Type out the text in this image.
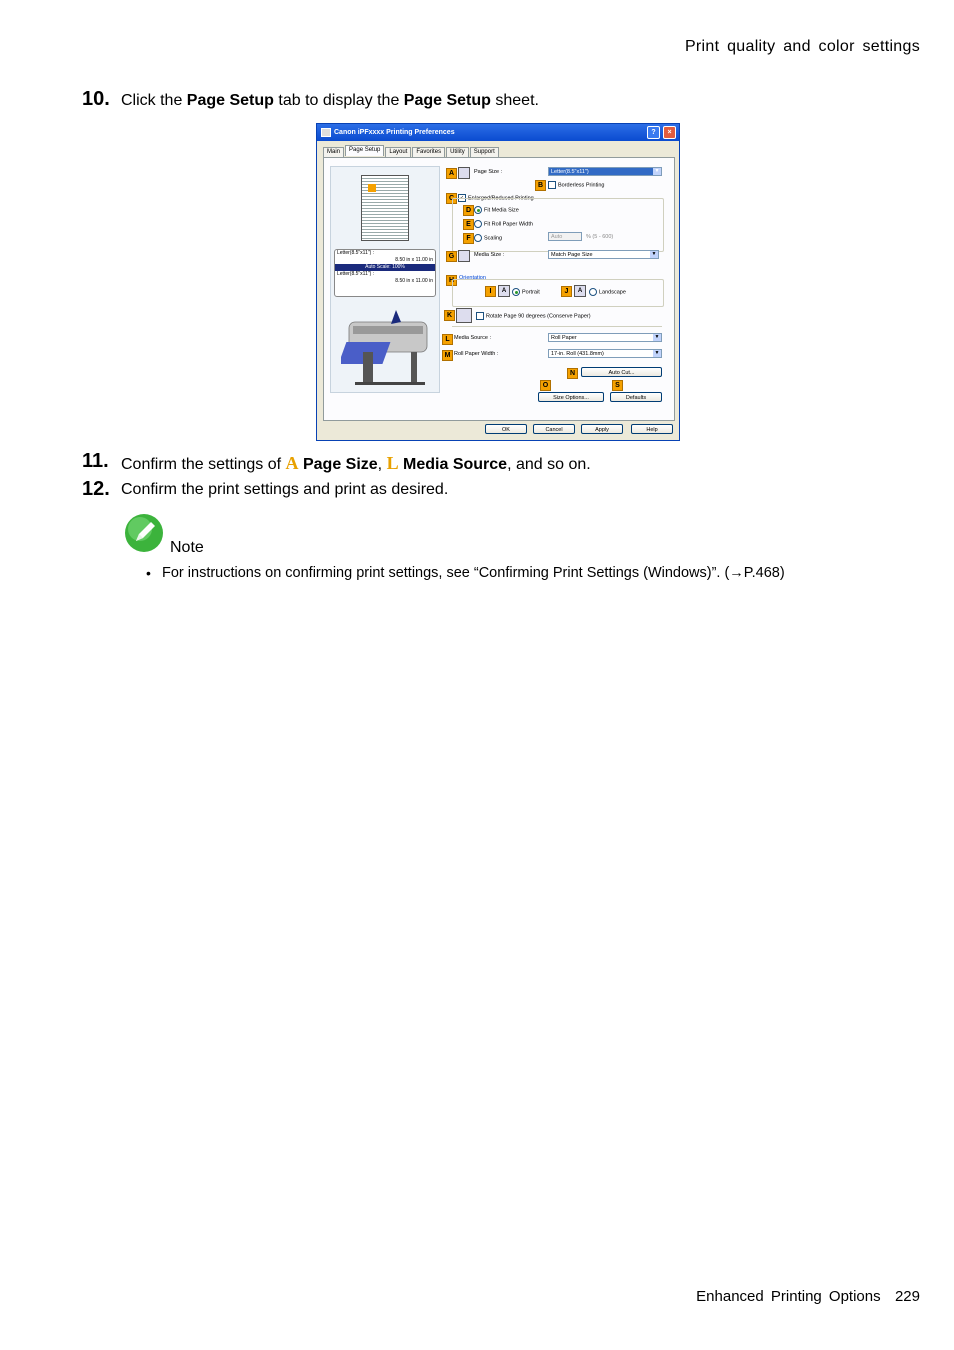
Print quality and color settings
10. Click the Page Setup tab to display the Page Setup sheet.
Canon iPFxxxx Printing Preferences	?	×
Main	Page Setup	Layout	Favorites	Utility	Support
Letter(8.5"x11") :
8.50 in x 11.00 in
Auto Scale: 100%
Letter(8.5"x11") :
8.50 in x 11.00 in
A	Page Size :	Letter(8.5"x11")	▼
B	Borderless Printing
C	✓ Enlarged/Reduced Printing
D	Fit Media Size
E	Fit Roll Paper Width
F	Scaling	Auto	% (5 - 600)
G	Media Size :	Match Page Size	▼
H Orientation
I	A	Portrait	J	A	Landscape
K	Rotate Page 90 degrees (Conserve Paper)
L Media Source :	Roll Paper	▼
M Roll Paper Width :	17-in. Roll (431.8mm)	▼
N	Auto Cut...
O	S
Size Options...	Defaults
OK	Cancel	Apply	Help
11. Confirm the settings of A Page Size, L Media Source, and so on.
12. Confirm the print settings and print as desired.
Note
• For instructions on confirming print settings, see “Confirming Print Settings (Windows)”. (→P.468)
Enhanced Printing Options 229
